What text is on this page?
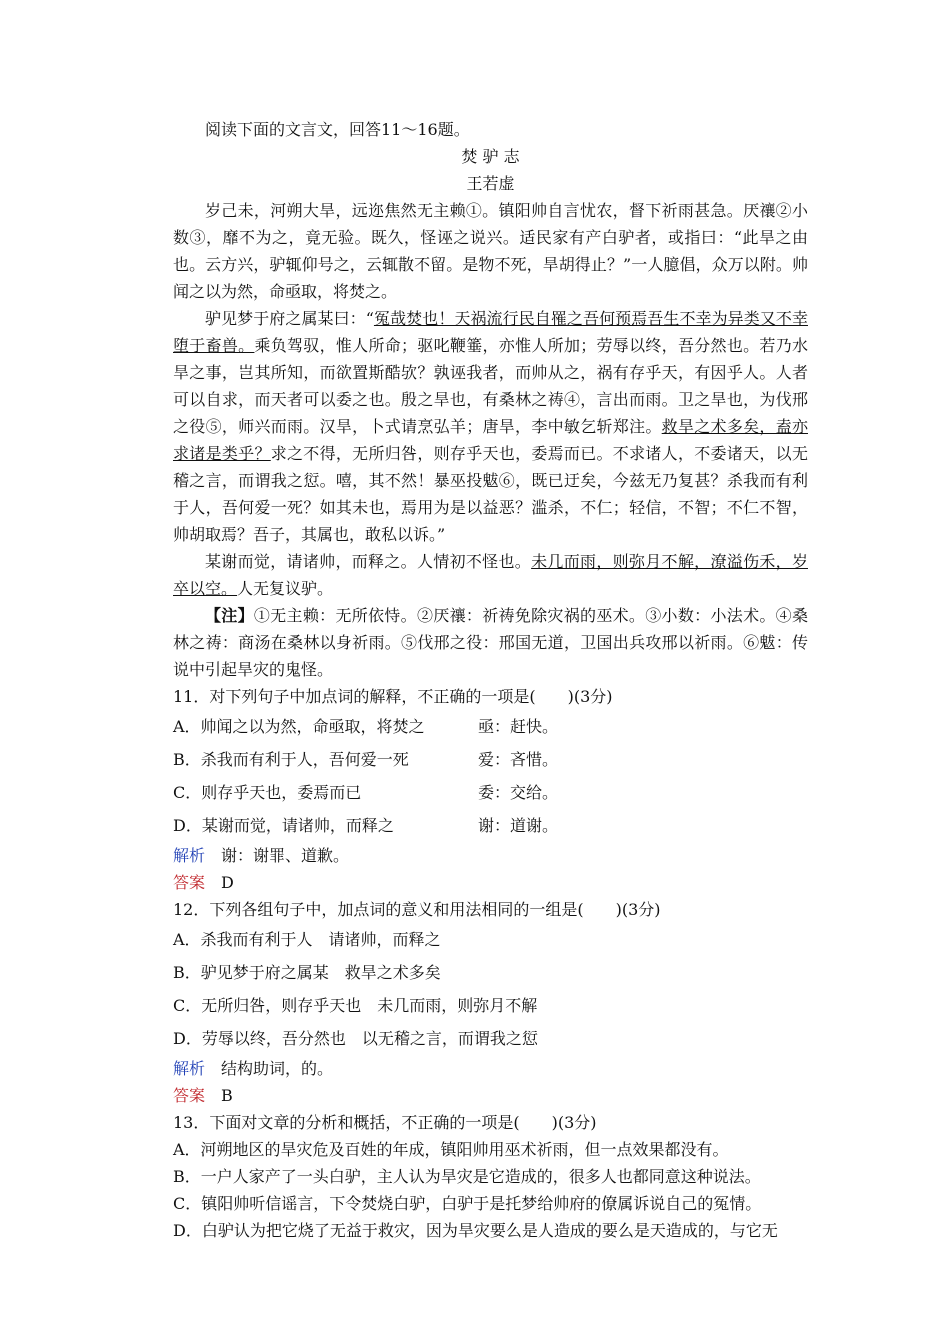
阅读下面的文言文，回答11～16题。

焚 驴 志

王若虚

岁己未，河朔大旱，远迩焦然无主赖①。镇阳帅自言忧农，督下祈雨甚急。厌禳②小数③，靡不为之，竟无验。既久，怪诬之说兴。适民家有产白驴者，或指曰：“此旱之由也。云方兴，驴辄仰号之，云辄散不留。是物不死，旱胡得止？”一人臆倡，众万以附。帅闻之以为然，命亟取，将焚之。

驴见梦于府之属某曰：“冤哉焚也！天祸流行民自罹之吾何预焉吾生不幸为异类又不幸堕于畜兽。乘负驾驭，惟人所命；驱叱鞭箠，亦惟人所加；劳辱以终，吾分然也。若乃水旱之事，岂其所知，而欲置斯酷欤？孰诬我者，而帅从之，祸有存乎天，有因乎人。人者可以自求，而天者可以委之也。殷之旱也，有桑林之祷④，言出而雨。卫之旱也，为伐邢之役⑤，师兴而雨。汉旱，卜式请烹弘羊；唐旱，李中敏乞斩郑注。救旱之术多矣，盍亦求诸是类乎？求之不得，无所归咎，则存乎天也，委焉而已。不求诸人，不委诸天，以无稽之言，而谓我之愆。嘻，其不然！暴巫投魃⑥，既已迂矣，今兹无乃复甚？杀我而有利于人，吾何爱一死？如其未也，焉用为是以益恶？滥杀，不仁；轻信，不智；不仁不智，帅胡取焉？吾子，其属也，敢私以诉。”

某谢而觉，请诸帅，而释之。人情初不怪也。未几而雨，则弥月不解，潦溢伤禾，岁卒以空。人无复议驴。

【注】①无主赖：无所依恃。②厌禳：祈祷免除灾祸的巫术。③小数：小法术。④桑林之祷：商汤在桑林以身祈雨。⑤伐邢之役：邢国无道，卫国出兵攻邢以祈雨。⑥魃：传说中引起旱灾的鬼怪。

11．对下列句子中加点词的解释，不正确的一项是(　　)(3分)

A．帅闻之以为然，命亟取，将焚之	亟：赶快。
B．杀我而有利于人，吾何爱一死	爱：吝惜。
C．则存乎天也，委焉而已	委：交给。
D．某谢而觉，请诸帅，而释之	谢：道谢。

解析　 谢：谢罪、道歉。

答案　 D

12．下列各组句子中，加点词的意义和用法相同的一组是(　　)(3分)

A．杀我而有利于人　请诸帅，而释之
B．驴见梦于府之属某　救旱之术多矣
C．无所归咎，则存乎天也　未几而雨，则弥月不解
D．劳辱以终，吾分然也　以无稽之言，而谓我之愆

解析　 结构助词，的。

答案　 B

13．下面对文章的分析和概括，不正确的一项是(　　)(3分)

A．河朔地区的旱灾危及百姓的年成，镇阳帅用巫术祈雨，但一点效果都没有。

B．一户人家产了一头白驴，主人认为旱灾是它造成的，很多人也都同意这种说法。

C．镇阳帅听信谣言，下令焚烧白驴，白驴于是托梦给帅府的僚属诉说自己的冤情。

D．白驴认为把它烧了无益于救灾，因为旱灾要么是人造成的要么是天造成的，与它无
